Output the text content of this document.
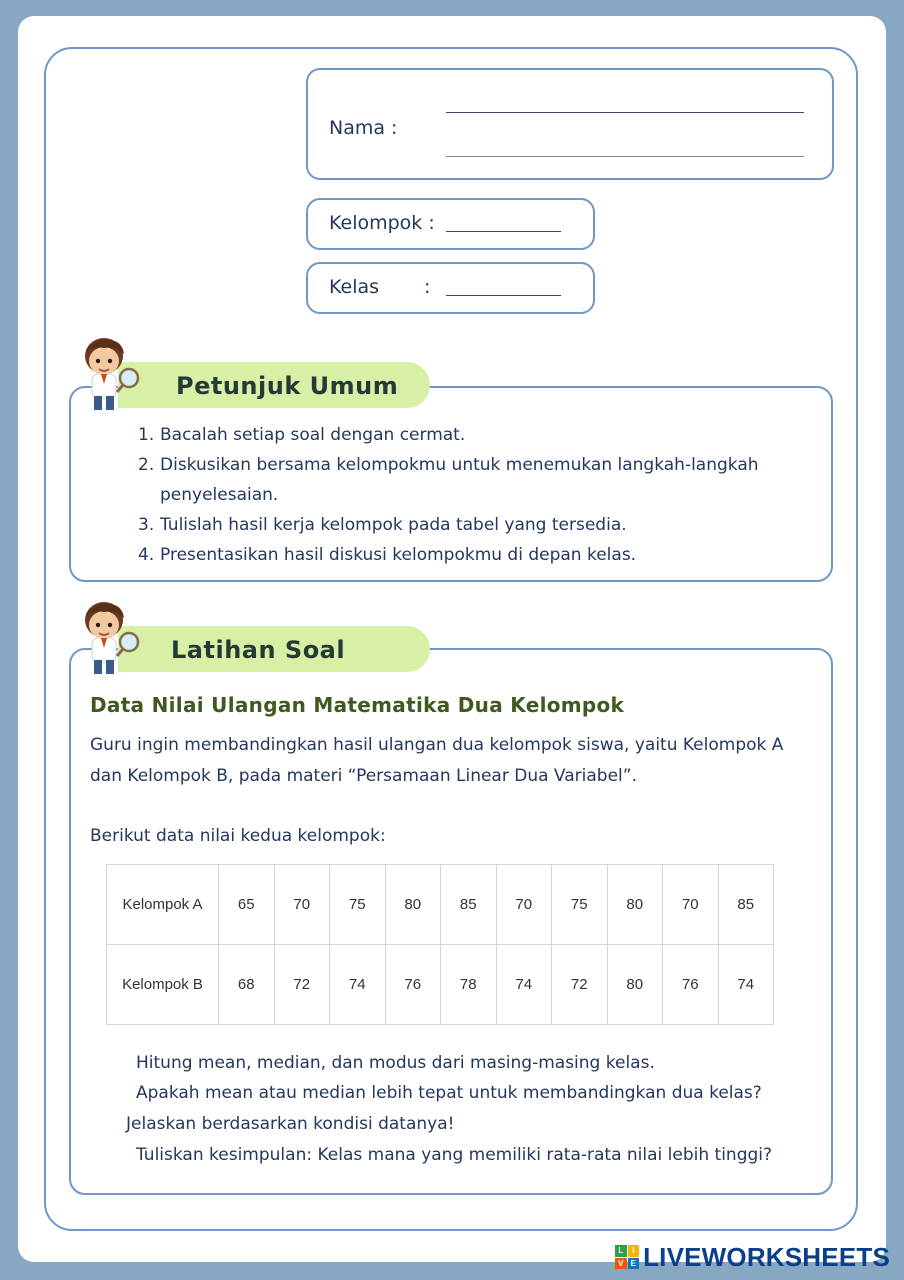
Nama :
Kelompok :
Kelas :
Petunjuk Umum
1. Bacalah setiap soal dengan cermat.
2. Diskusikan bersama kelompokmu untuk menemukan langkah-langkah
penyelesaian.
3. Tulislah hasil kerja kelompok pada tabel yang tersedia.
4. Presentasikan hasil diskusi kelompokmu di depan kelas.
Latihan Soal
Data Nilai Ulangan Matematika Dua Kelompok
Guru ingin membandingkan hasil ulangan dua kelompok siswa, yaitu Kelompok A
dan Kelompok B, pada materi “Persamaan Linear Dua Variabel”.
Berikut data nilai kedua kelompok:
Kelompok A	65	70	75	80	85	70	75	80	70	85
Kelompok B	68	72	74	76	78	74	72	80	76	74
Hitung mean, median, dan modus dari masing-masing kelas.
Apakah mean atau median lebih tepat untuk membandingkan dua kelas?
Jelaskan berdasarkan kondisi datanya!
Tuliskan kesimpulan: Kelas mana yang memiliki rata-rata nilai lebih tinggi?
L	I
V E LIVEWORKSHEETS
